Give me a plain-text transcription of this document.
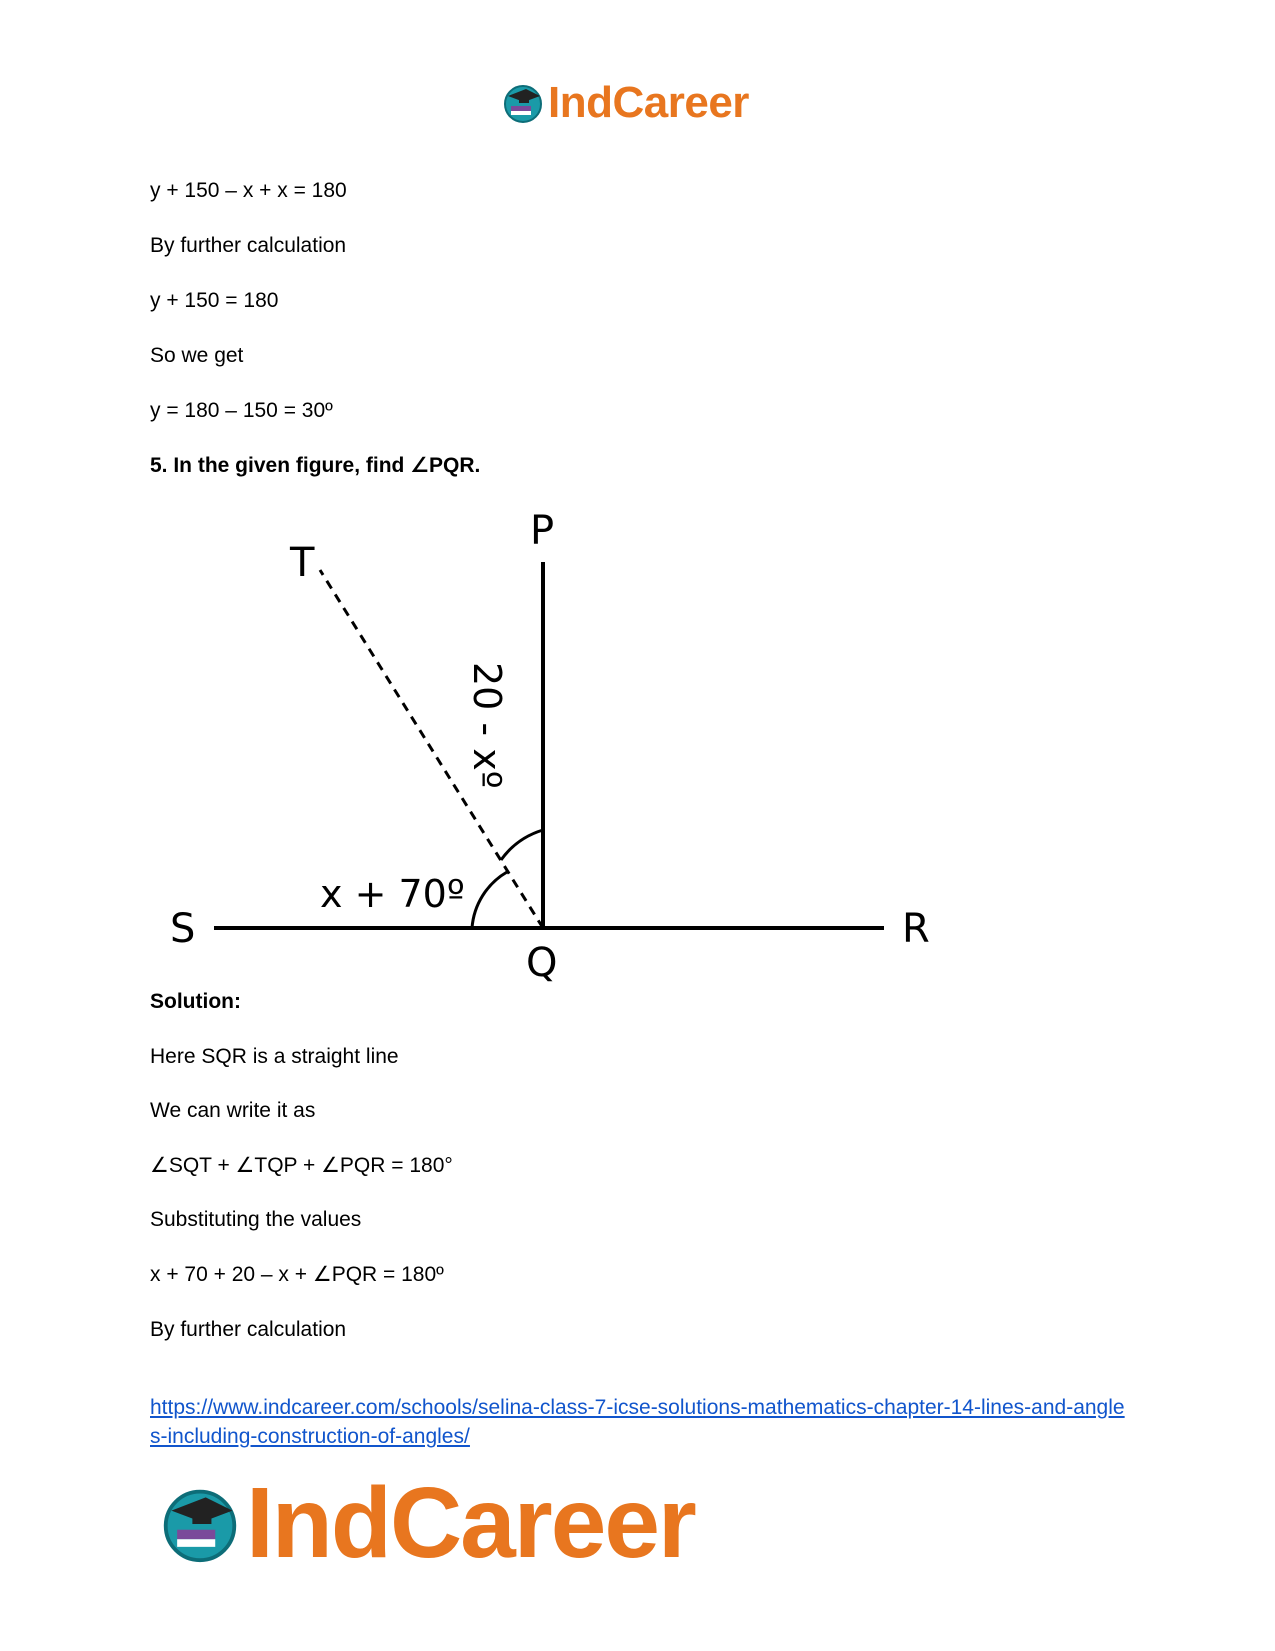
IndCareer
y + 150 – x + x = 180
By further calculation
y + 150 = 180
So we get
y = 180 – 150 = 30º
5. In the given figure, find ∠PQR.
P
T
S
Q
R
x + 70º
20 - xº
Solution:
Here SQR is a straight line
We can write it as
∠SQT + ∠TQP + ∠PQR = 180°
Substituting the values
x + 70 + 20 – x + ∠PQR = 180º
By further calculation
https://www.indcareer.com/schools/selina-class-7-icse-solutions-mathematics-chapter-14-lines-and-angles-including-construction-of-angles/
IndCareer
